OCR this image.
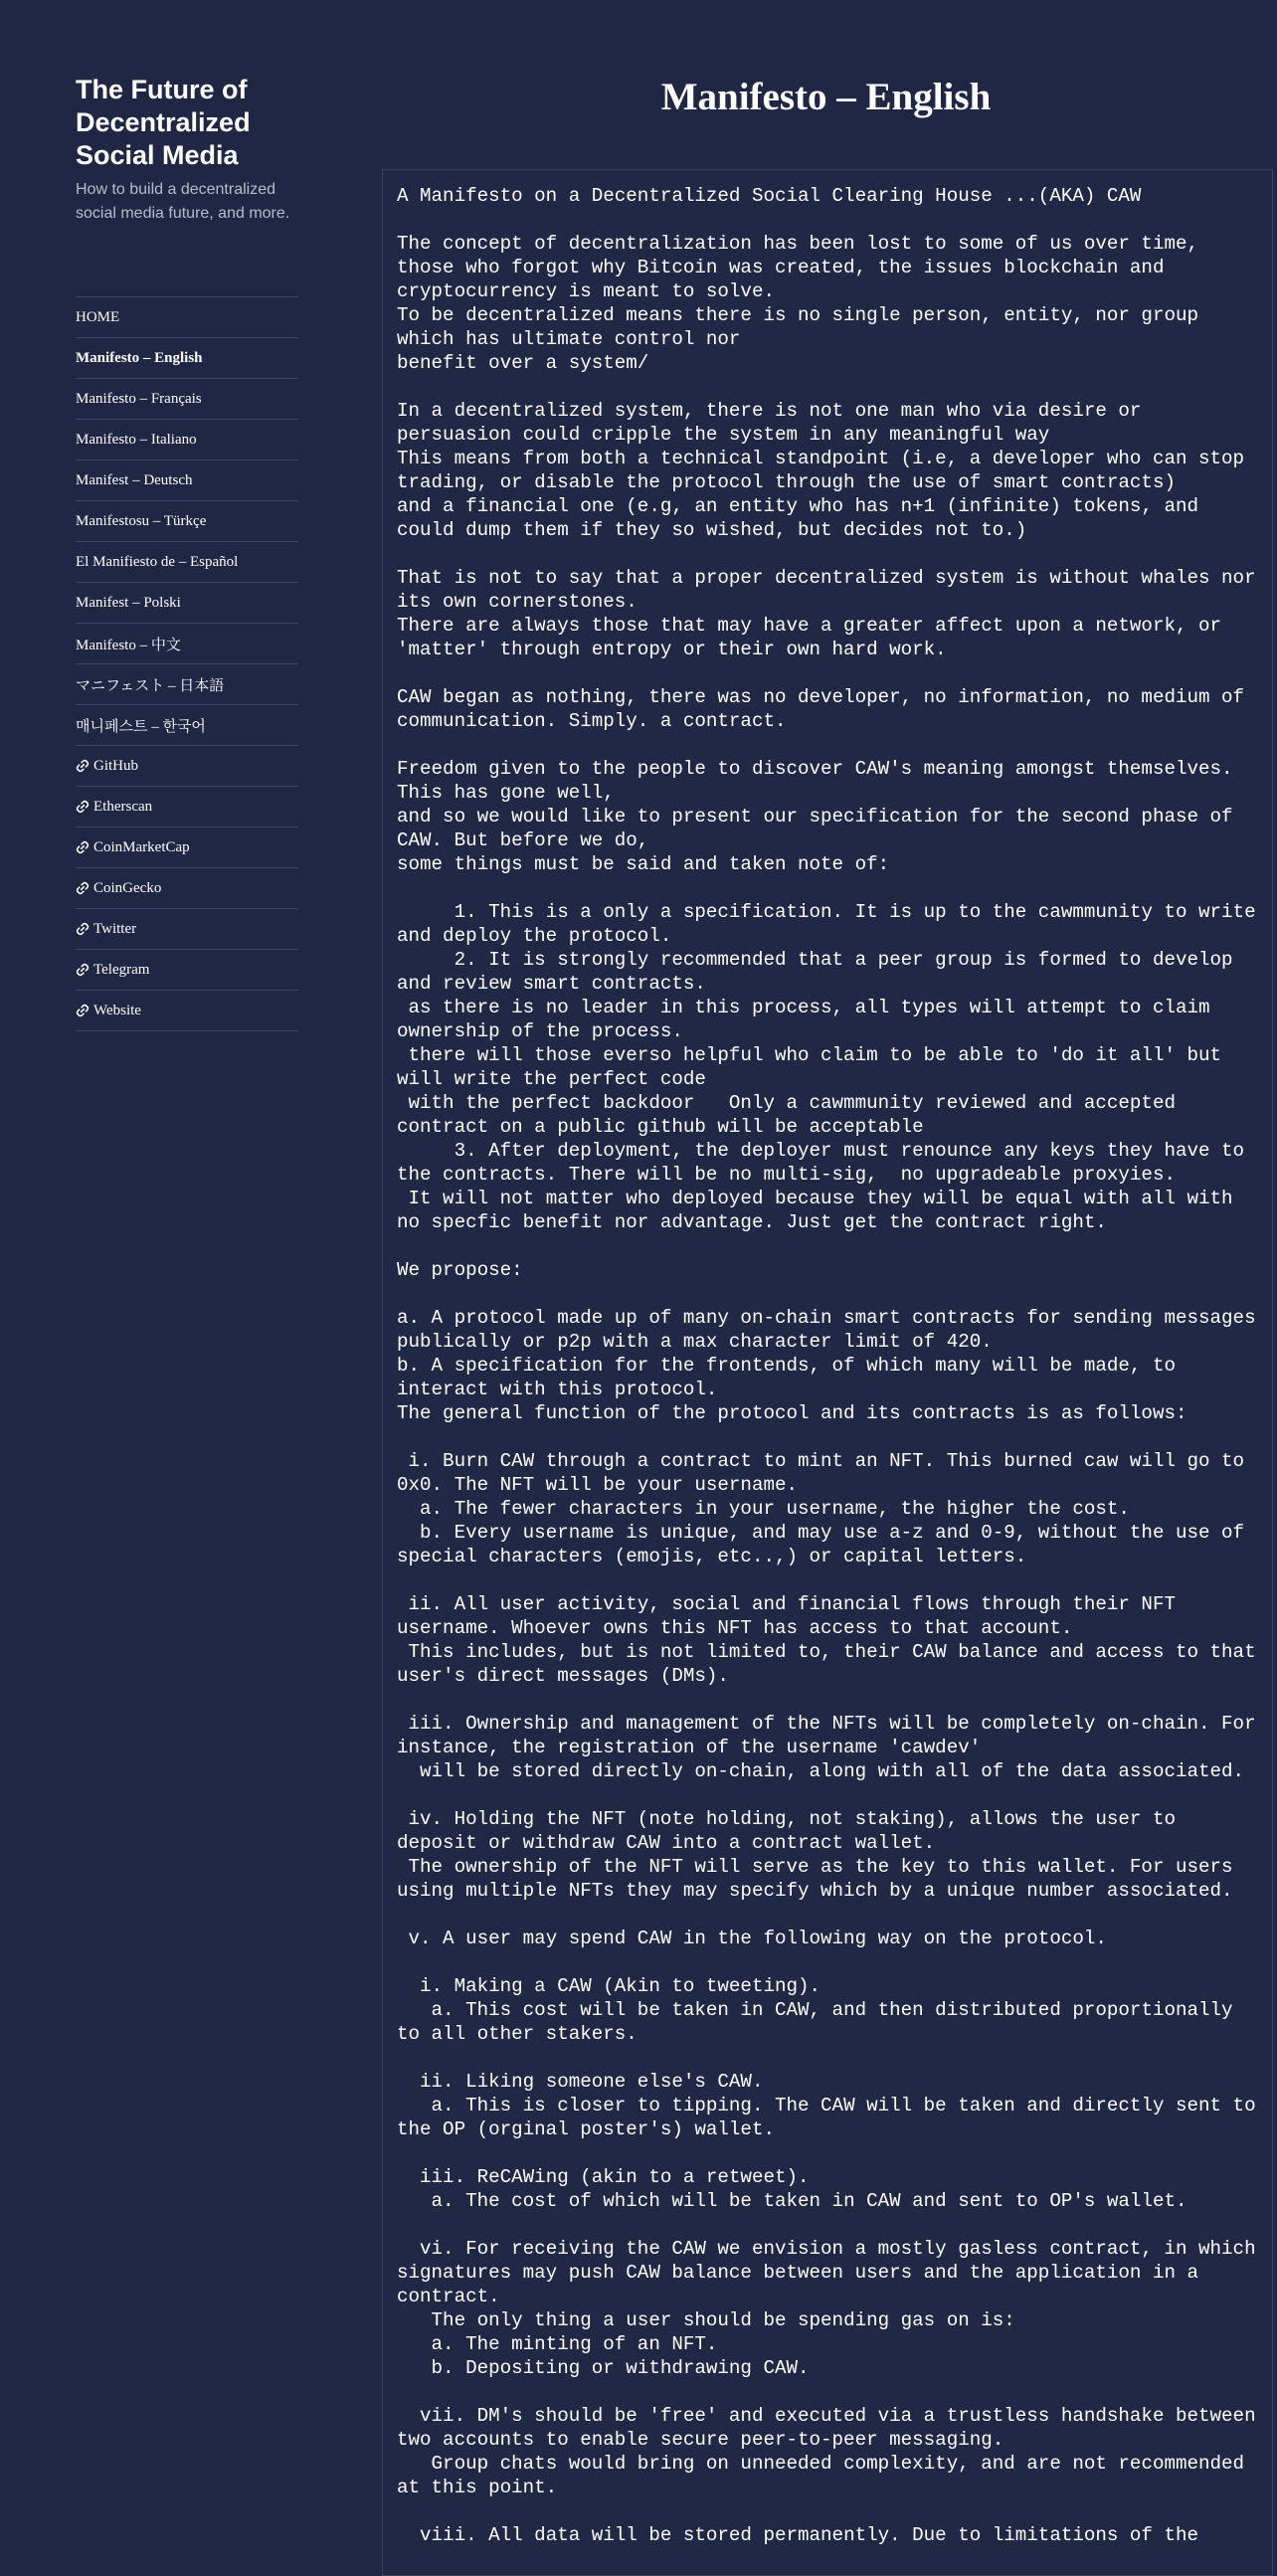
The Future of Decentralized Social Media

How to build a decentralized social media future, and more.

HOME
Manifesto – English
Manifesto – Français
Manifesto – Italiano
Manifest – Deutsch
Manifestosu – Türkçe
El Manifiesto de – Español
Manifest – Polski
Manifesto – 中文
マニフェスト – 日本語
매니페스트 – 한국어
GitHub
Etherscan
CoinMarketCap
CoinGecko
Twitter
Telegram
Website
Manifesto – English
A Manifesto on a Decentralized Social Clearing House ...(AKA) CAW

The concept of decentralization has been lost to some of us over time,
those who forgot why Bitcoin was created, the issues blockchain and cryptocurrency is meant to solve.
To be decentralized means there is no single person, entity, nor group which has ultimate control nor
benefit over a system/

In a decentralized system, there is not one man who via desire or persuasion could cripple the system in any meaningful way
This means from both a technical standpoint (i.e, a developer who can stop trading, or disable the protocol through the use of smart contracts)
and a financial one (e.g, an entity who has n+1 (infinite) tokens, and could dump them if they so wished, but decides not to.)

That is not to say that a proper decentralized system is without whales nor its own cornerstones.
There are always those that may have a greater affect upon a network, or 'matter' through entropy or their own hard work.

CAW began as nothing, there was no developer, no information, no medium of communication. Simply. a contract.

Freedom given to the people to discover CAW's meaning amongst themselves. This has gone well,
and so we would like to present our specification for the second phase of CAW. But before we do,
some things must be said and taken note of:

1. This is a only a specification. It is up to the cawmmunity to write and deploy the protocol.
2. It is strongly recommended that a peer group is formed to develop and review smart contracts.
as there is no leader in this process, all types will attempt to claim ownership of the process.
there will those everso helpful who claim to be able to 'do it all' but will write the perfect code
with the perfect backdoor   Only a cawmmunity reviewed and accepted contract on a public github will be acceptable
3. After deployment, the deployer must renounce any keys they have to the contracts. There will be no multi-sig,  no upgradeable proxyies.
It will not matter who deployed because they will be equal with all with no specfic benefit nor advantage. Just get the contract right.

We propose:

a. A protocol made up of many on-chain smart contracts for sending messages publically or p2p with a max character limit of 420.
b. A specification for the frontends, of which many will be made, to interact with this protocol.
The general function of the protocol and its contracts is as follows:

i. Burn CAW through a contract to mint an NFT. This burned caw will go to 0x0. The NFT will be your username.
a. The fewer characters in your username, the higher the cost.
b. Every username is unique, and may use a-z and 0-9, without the use of special characters (emojis, etc..,) or capital letters.

ii. All user activity, social and financial flows through their NFT username. Whoever owns this NFT has access to that account.
This includes, but is not limited to, their CAW balance and access to that user's direct messages (DMs).

iii. Ownership and management of the NFTs will be completely on-chain. For instance, the registration of the username 'cawdev'
will be stored directly on-chain, along with all of the data associated.

iv. Holding the NFT (note holding, not staking), allows the user to deposit or withdraw CAW into a contract wallet.
The ownership of the NFT will serve as the key to this wallet. For users using multiple NFTs they may specify which by a unique number associated.

v. A user may spend CAW in the following way on the protocol.

i. Making a CAW (Akin to tweeting).
a. This cost will be taken in CAW, and then distributed proportionally to all other stakers.

ii. Liking someone else's CAW.
a. This is closer to tipping. The CAW will be taken and directly sent to the OP (orginal poster's) wallet.

iii. ReCAWing (akin to a retweet).
a. The cost of which will be taken in CAW and sent to OP's wallet.

vi. For receiving the CAW we envision a mostly gasless contract, in which signatures may push CAW balance between users and the application in a contract.
The only thing a user should be spending gas on is:
a. The minting of an NFT.
b. Depositing or withdrawing CAW.

vii. DM's should be 'free' and executed via a trustless handshake between two accounts to enable secure peer-to-peer messaging.
Group chats would bring on unneeded complexity, and are not recommended at this point.

viii. All data will be stored permanently. Due to limitations of the
